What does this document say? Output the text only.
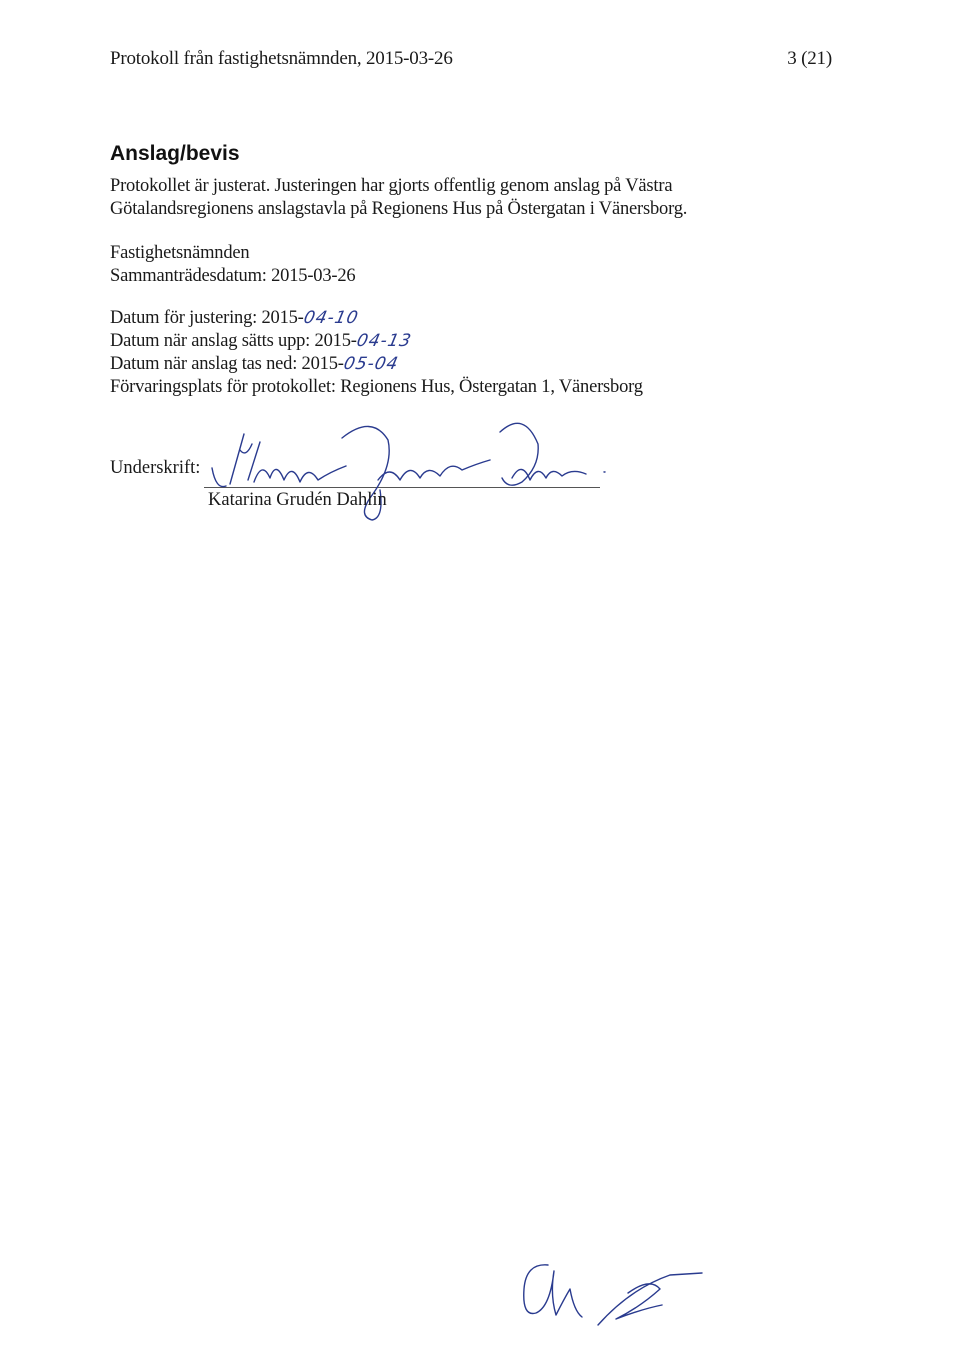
Protokoll från fastighetsnämnden, 2015-03-26	3 (21)
Anslag/bevis
Protokollet är justerat. Justeringen har gjorts offentlig genom anslag på Västra
Götalandsregionens anslagstavla på Regionens Hus på Östergatan i Vänersborg.
Fastighetsnämnden
Sammanträdesdatum: 2015-03-26
Datum för justering: 2015-04-10
Datum när anslag sätts upp: 2015-04-13
Datum när anslag tas ned: 2015-05-04
Förvaringsplats för protokollet: Regionens Hus, Östergatan 1, Vänersborg
Underskrift:
Katarina Grudén Dahlin
